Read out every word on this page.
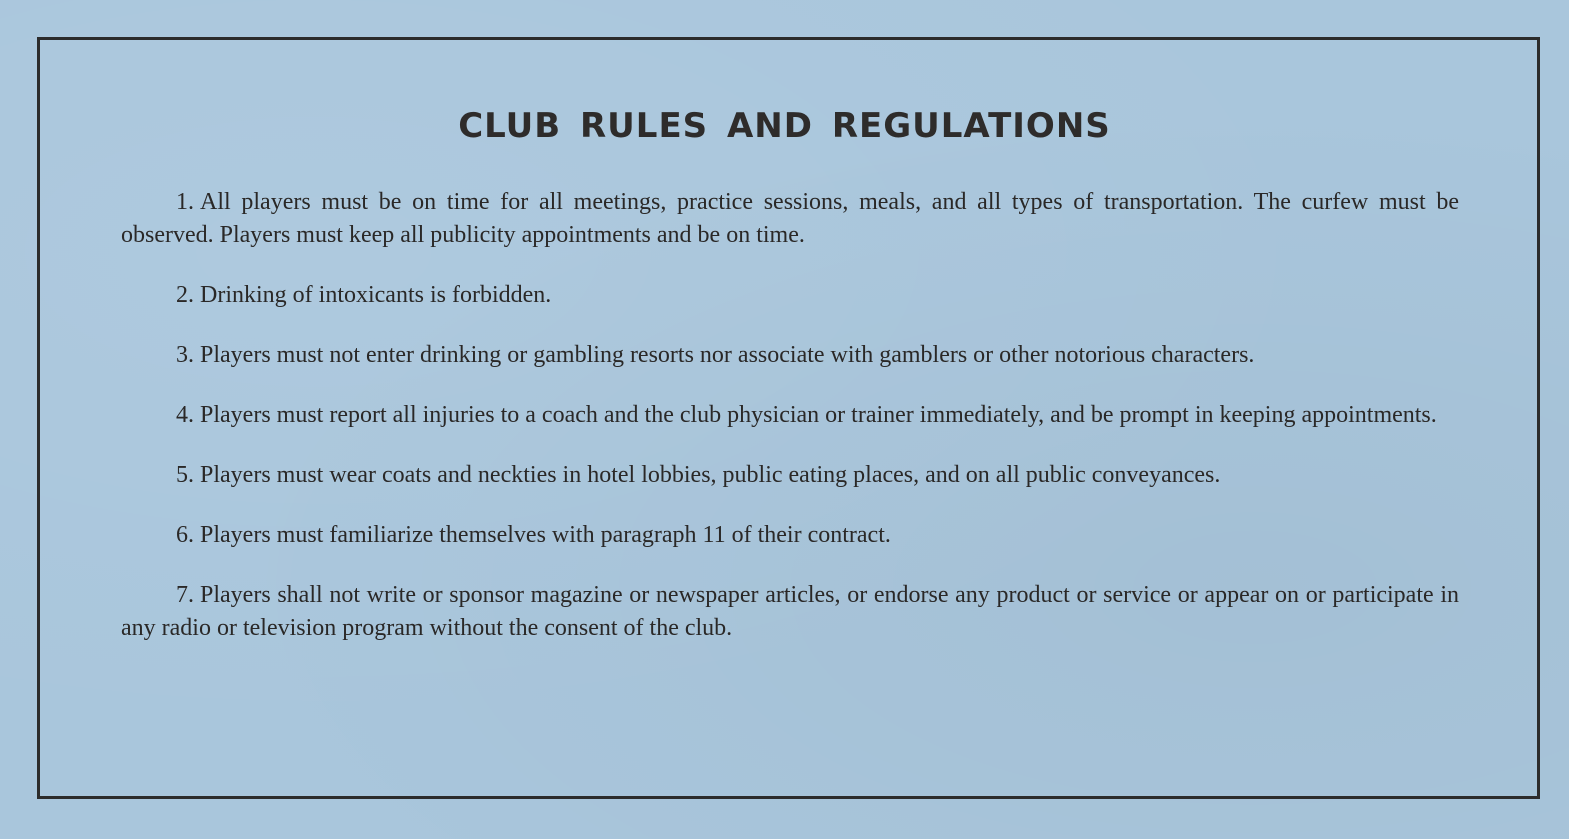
CLUB RULES AND REGULATIONS
1. All players must be on time for all meetings, practice sessions, meals, and all types of transportation. The curfew must be observed. Players must keep all publicity appointments and be on time.
2. Drinking of intoxicants is forbidden.
3. Players must not enter drinking or gambling resorts nor associate with gamblers or other notorious characters.
4. Players must report all injuries to a coach and the club physician or trainer immediately, and be prompt in keeping appointments.
5. Players must wear coats and neckties in hotel lobbies, public eating places, and on all public conveyances.
6. Players must familiarize themselves with paragraph 11 of their contract.
7. Players shall not write or sponsor magazine or newspaper articles, or endorse any product or service or appear on or participate in any radio or television program without the consent of the club.
